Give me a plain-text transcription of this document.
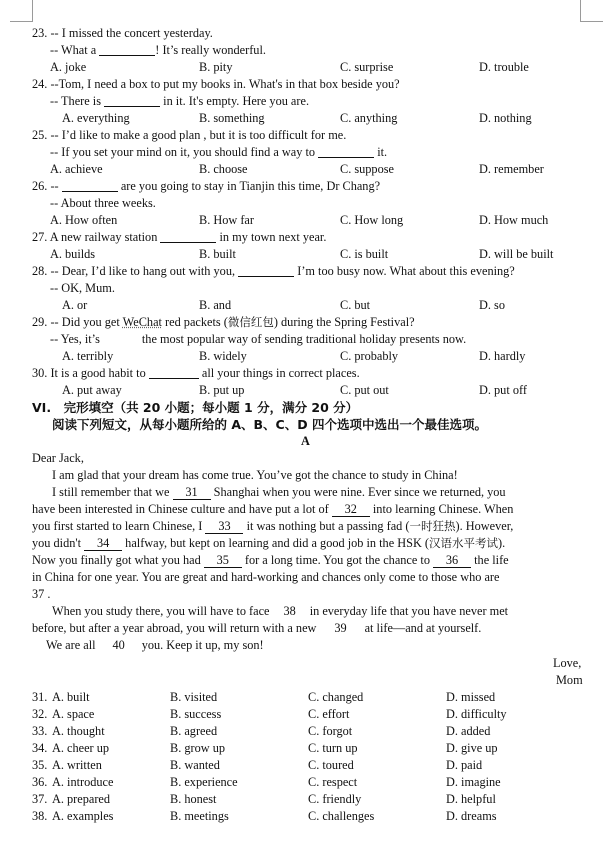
23. -- I missed the concert yesterday.
-- What a	! It’s really wonderful.
A. joke	B. pity	C. surprise	D. trouble
24. --Tom, I need a box to put my books in. What's in that box beside you?
-- There is	in it. It's empty. Here you are.
A. everything	B. something	C. anything	D. nothing
25. -- I’d like to make a good plan , but it is too difficult for me.
-- If you set your mind on it, you should find a way to	it.
A. achieve	B. choose	C. suppose	D. remember
26. --	are you going to stay in Tianjin this time, Dr Chang?
-- About three weeks.
A. How often	B. How far	C. How long	D. How much
27. A new railway station	in my town next year.
A. builds	B. built	C. is built	D. will be built
28. -- Dear, I’d like to hang out with you,	I’m too busy now. What about this evening?
-- OK, Mum.
A. or	B. and	C. but	D. so
29. -- Did you get WeChat red packets (微信红包) during the Spring Festival?
-- Yes, it’s	the most popular way of sending traditional holiday presents now.
A. terribly	B. widely	C. probably	D. hardly
30. It is a good habit to	all your things in correct places.
A. put away	B. put up	C. put out	D. put off
VI.　完形填空（共 20 小题；每小题 1 分，满分 20 分）
阅读下列短文，从每小题所给的 A、B、C、D 四个选项中选出一个最佳选项。
A
Dear Jack,
I am glad that your dream has come true. You’ve got the chance to study in China!
I still remember that we 31 Shanghai when you were nine. Ever since we returned, you
have been interested in Chinese culture and have put a lot of 32 into learning Chinese. When
you first started to learn Chinese, I 33 it was nothing but a passing fad (一时狂热). However,
you didn't 34 halfway, but kept on learning and did a good job in the HSK (汉语水平考试).
Now you finally got what you had 35 for a long time. You got the chance to 36 the life
in China for one year. You are great and hard-working and chances only come to those who are
37 .
When you study there, you will have to face 38 in everyday life that you have never met
before, but after a year abroad, you will return with a new 39 at life—and at yourself.
We are all 40 you. Keep it up, my son!
Love,
Mom
31. A. built	B. visited	C. changed	D. missed
32. A. space	B. success	C. effort	D. difficulty
33. A. thought	B. agreed	C. forgot	D. added
34. A. cheer up	B. grow up	C. turn up	D. give up
35. A. written	B. wanted	C. toured	D. paid
36. A. introduce	B. experience	C. respect	D. imagine
37. A. prepared	B. honest	C. friendly	D. helpful
38. A. examples	B. meetings	C. challenges	D. dreams
